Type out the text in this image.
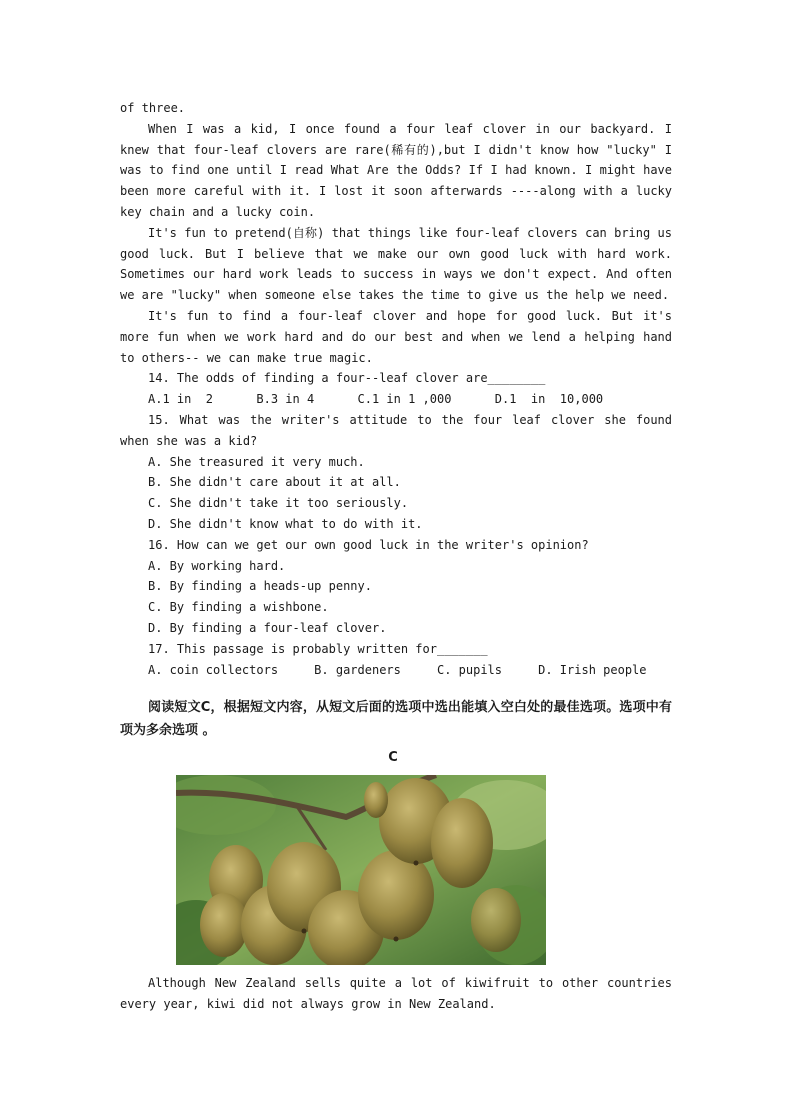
of three.

When I was a kid, I once found a four leaf clover in our backyard. I knew that four-leaf clovers are rare(稀有的),but I didn't know how "lucky" I was to find one until I read What Are the Odds? If I had known. I might have been more careful with it. I lost it soon afterwards ----along with a lucky key chain and a lucky coin.

It's fun to pretend(自称) that things like four-leaf clovers can bring us good luck. But I believe that we make our own good luck with hard work. Sometimes our hard work leads to success in ways we don't expect. And often we are "lucky" when someone else takes the time to give us the help we need.

It's fun to find a four-leaf clover and hope for good luck. But it's more fun when we work hard and do our best and when we lend a helping hand to others-- we can make true magic.

14. The odds of finding a four--leaf clover are________

A.1 in  2      B.3 in 4      C.1 in 1 ,000      D.1  in  10,000

15. What was the writer's attitude to the four leaf clover she found when she was a kid?

A. She treasured it very much.

B. She didn't care about it at all.

C. She didn't take it too seriously.

D. She didn't know what to do with it.

16. How can we get our own good luck in the writer's opinion?

A. By working hard.

B. By finding a heads-up penny.

C. By finding a wishbone.

D. By finding a four-leaf clover.

17. This passage is probably written for_______

A. coin collectors     B. gardeners     C. pupils     D. Irish people

阅读短文C，根据短文内容，从短文后面的选项中选出能填入空白处的最佳选项。选项中有项为多余选项 。

C

Although New Zealand sells quite a lot of kiwifruit to other countries every year, kiwi did not always grow in New Zealand.
